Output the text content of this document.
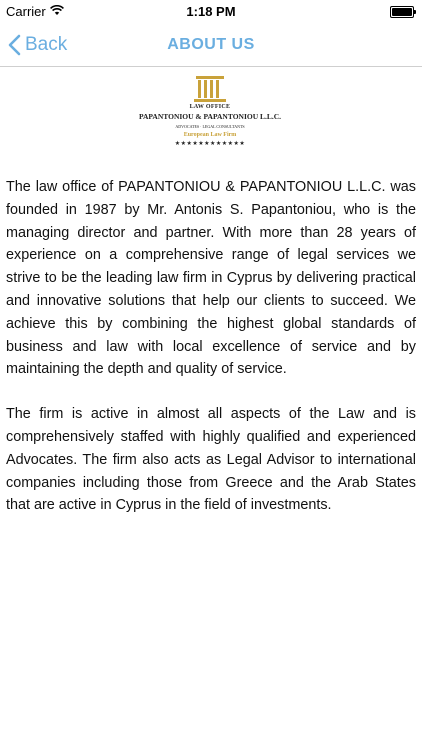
Carrier	1:18 PM
Back	ABOUT US
LAW OFFICE
PAPANTONIOU & PAPANTONIOU L.L.C.
ADVOCATES · LEGAL CONSULTANTS
European Law Firm
★★★★★★★★★★★★

The law office of PAPANTONIOU & PAPANTONIOU L.L.C. was founded in 1987 by Mr. Antonis S. Papantoniou, who is the managing director and partner. With more than 28 years of experience on a comprehensive range of legal services we strive to be the leading law firm in Cyprus by delivering practical and innovative solutions that help our clients to succeed. We achieve this by combining the highest global standards of business and law with local excellence of service and by maintaining the depth and quality of service.

The firm is active in almost all aspects of the Law and is comprehensively staffed with highly qualified and experienced Advocates. The firm also acts as Legal Advisor to international companies including those from Greece and the Arab States that are active in Cyprus in the field of investments.
